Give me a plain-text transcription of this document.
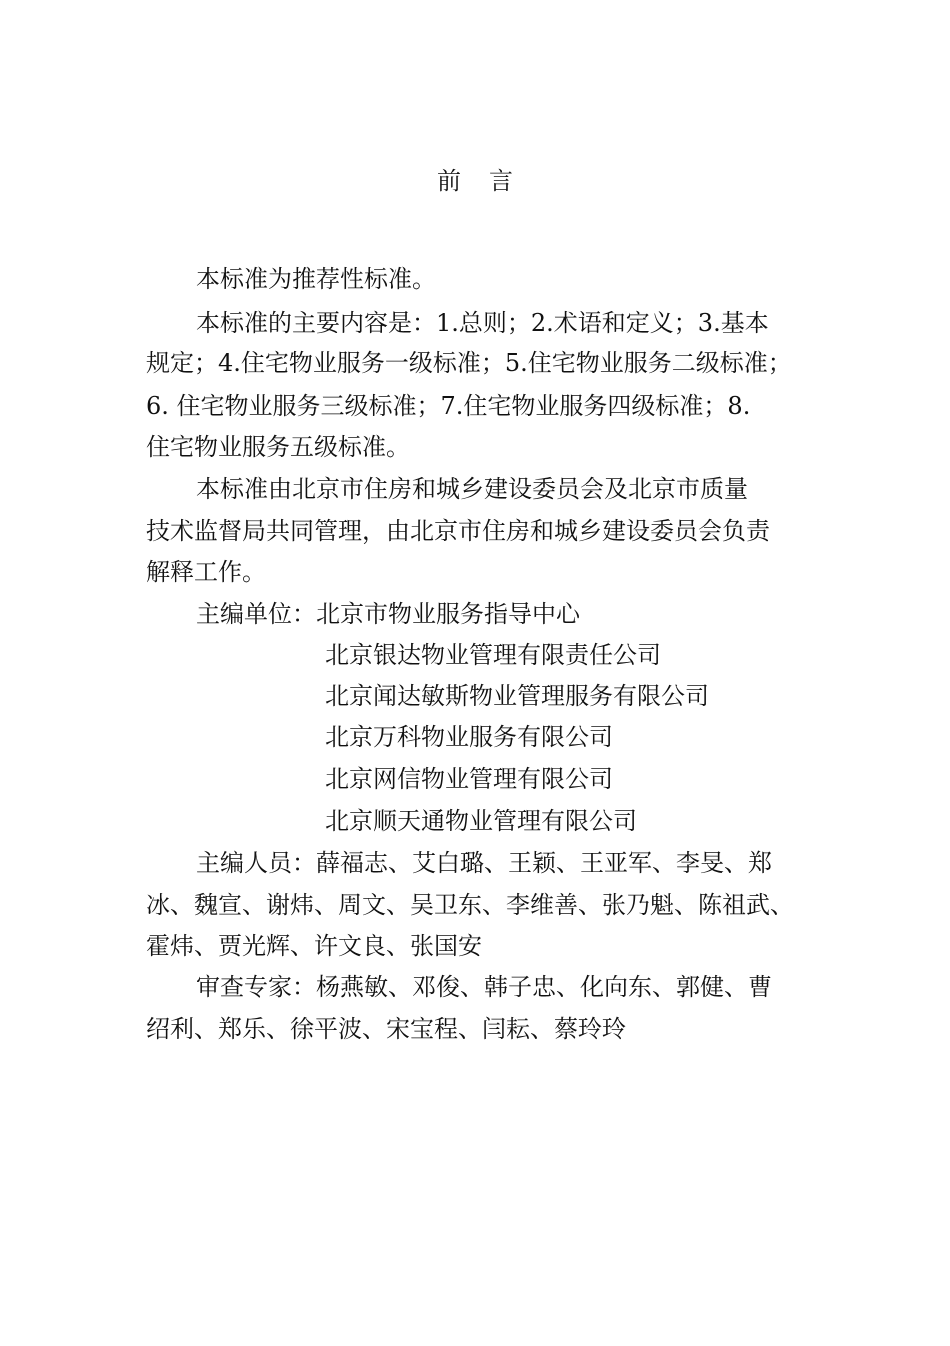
前言
本标准为推荐性标准。
本标准的主要内容是：1.总则；2.术语和定义；3.基本
规定；4.住宅物业服务一级标准；5.住宅物业服务二级标准；
6. 住宅物业服务三级标准；7.住宅物业服务四级标准；8.
住宅物业服务五级标准。
本标准由北京市住房和城乡建设委员会及北京市质量
技术监督局共同管理，由北京市住房和城乡建设委员会负责
解释工作。
主编单位：北京市物业服务指导中心
北京银达物业管理有限责任公司
北京闻达敏斯物业管理服务有限公司
北京万科物业服务有限公司
北京网信物业管理有限公司
北京顺天通物业管理有限公司
主编人员：薛福志、艾白璐、王颖、王亚军、李旻、郑
冰、魏宣、谢炜、周文、吴卫东、李维善、张乃魁、陈祖武、
霍炜、贾光辉、许文良、张国安
审查专家：杨燕敏、邓俊、韩子忠、化向东、郭健、曹
绍利、郑乐、徐平波、宋宝程、闫耘、蔡玲玲
